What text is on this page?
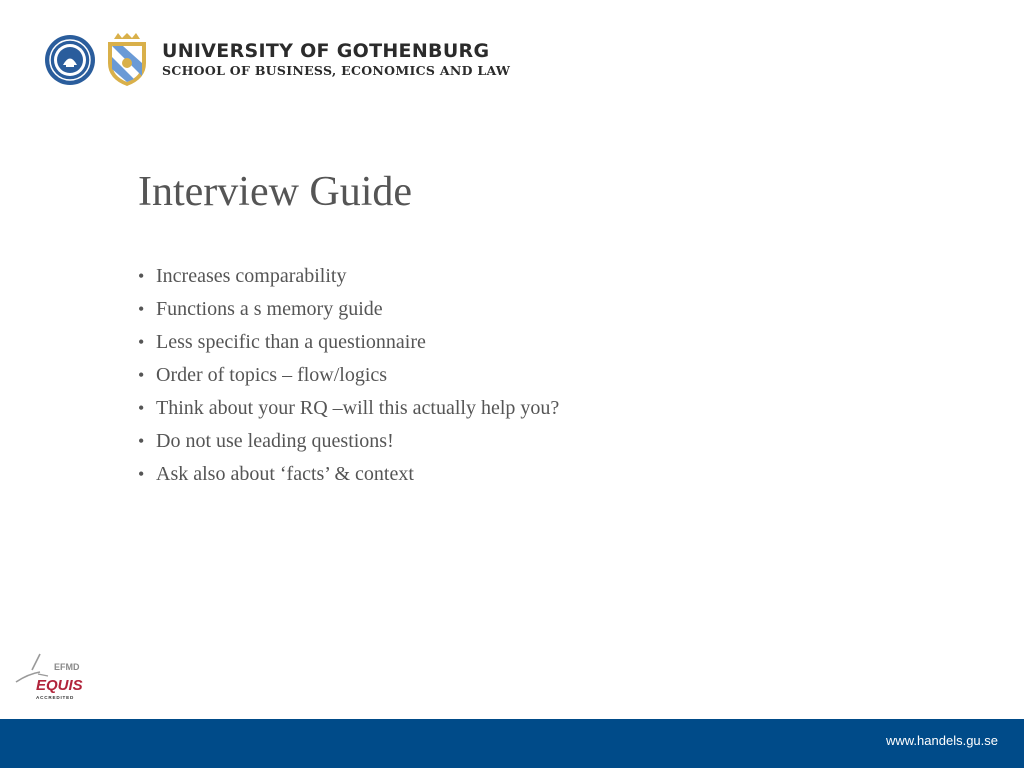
UNIVERSITY OF GOTHENBURG
SCHOOL OF BUSINESS, ECONOMICS AND LAW
Interview Guide
• Increases comparability
• Functions a s memory guide
• Less specific than a questionnaire
• Order of topics – flow/logics
• Think about your RQ –will this actually help you?
• Do not use leading questions!
• Ask also about ‘facts’ & context
EFMD
EQUIS
ACCREDITED
www.handels.gu.se
